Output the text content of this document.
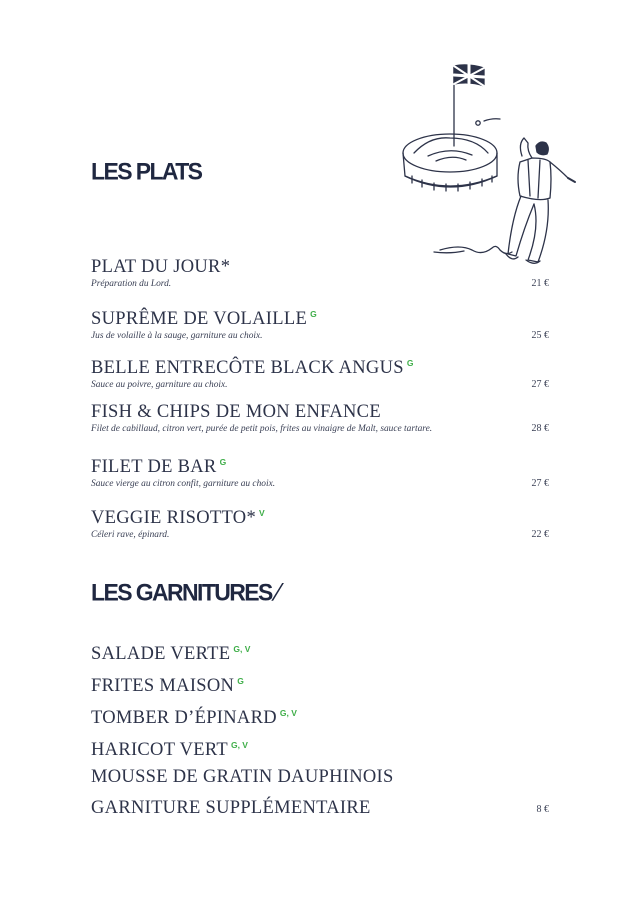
LES PLATS
PLAT DU JOUR*
Préparation du Lord.	21 €
SUPRÊME DE VOLAILLE $^G$
Jus de volaille à la sauge, garniture au choix.	25 €
BELLE ENTRECÔTE BLACK ANGUS $^G$
Sauce au poivre, garniture au choix.	27 €
FISH & CHIPS DE MON ENFANCE
Filet de cabillaud, citron vert, purée de petit pois, frites au vinaigre de Malt, sauce tartare.	28 €
FILET DE BAR $^G$
Sauce vierge au citron confit, garniture au choix.	27 €
VEGGIE RISOTTO* $^V$
Céleri rave, épinard.	22 €
LES GARNITURES/
SALADE VERTE $^{G, V}$
FRITES MAISON $^G$
TOMBER D’ÉPINARD $^{G, V}$
HARICOT VERT $^{G, V}$
MOUSSE DE GRATIN DAUPHINOIS
GARNITURE SUPPLÉMENTAIRE	8 €
